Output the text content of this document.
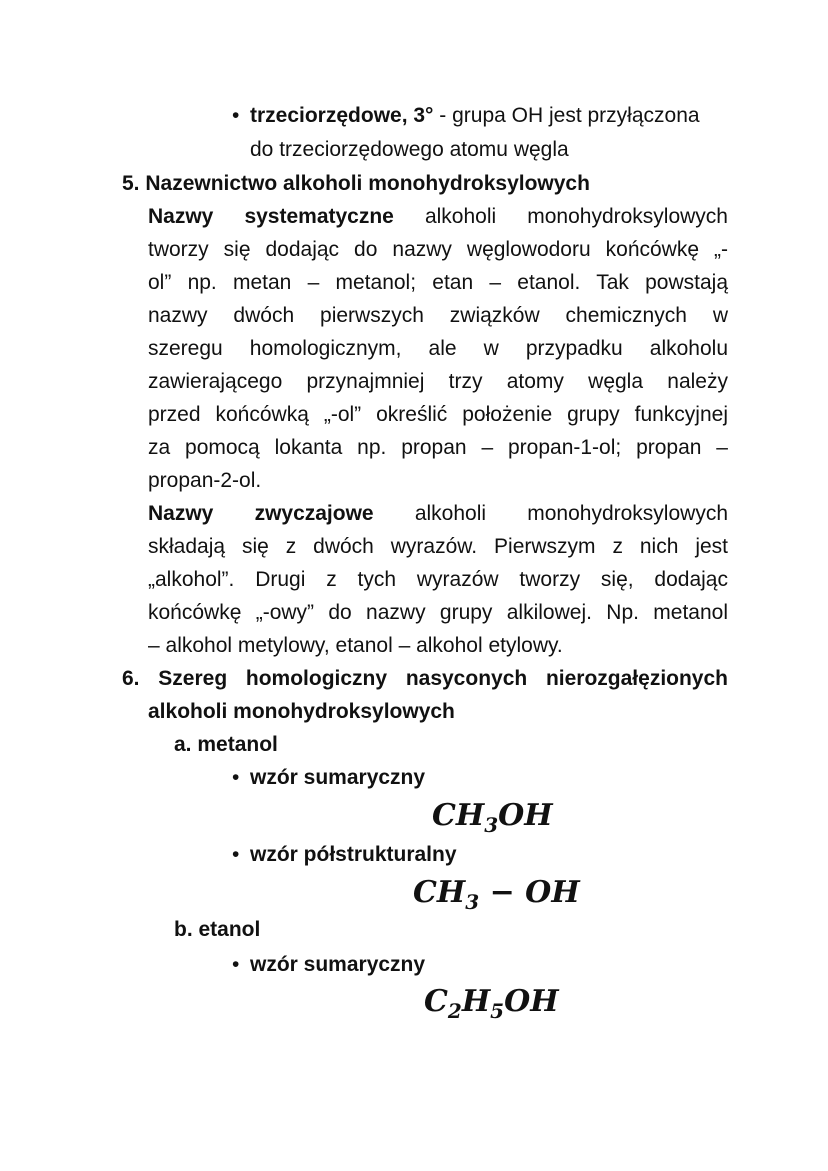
• trzeciorzędowe, 3° - grupa OH jest przyłączona
do trzeciorzędowego atomu węgla
5. Nazewnictwo alkoholi monohydroksylowych
Nazwy systematyczne alkoholi monohydroksylowych
tworzy się dodając do nazwy węglowodoru końcówkę „-
ol” np. metan – metanol; etan – etanol. Tak powstają
nazwy dwóch pierwszych związków chemicznych w
szeregu homologicznym, ale w przypadku alkoholu
zawierającego przynajmniej trzy atomy węgla należy
przed końcówką „-ol” określić położenie grupy funkcyjnej
za pomocą lokanta np. propan – propan-1-ol; propan –
propan-2-ol.
Nazwy zwyczajowe alkoholi monohydroksylowych
składają się z dwóch wyrazów. Pierwszym z nich jest
„alkohol”. Drugi z tych wyrazów tworzy się, dodając
końcówkę „-owy” do nazwy grupy alkilowej. Np. metanol
– alkohol metylowy, etanol – alkohol etylowy.
6. Szereg homologiczny nasyconych nierozgałęzionych
alkoholi monohydroksylowych
a. metanol
• wzór sumaryczny
$CH_3OH$
• wzór półstrukturalny
$CH_3$ − OH
b. etanol
• wzór sumaryczny
$C_2H_5OH$
